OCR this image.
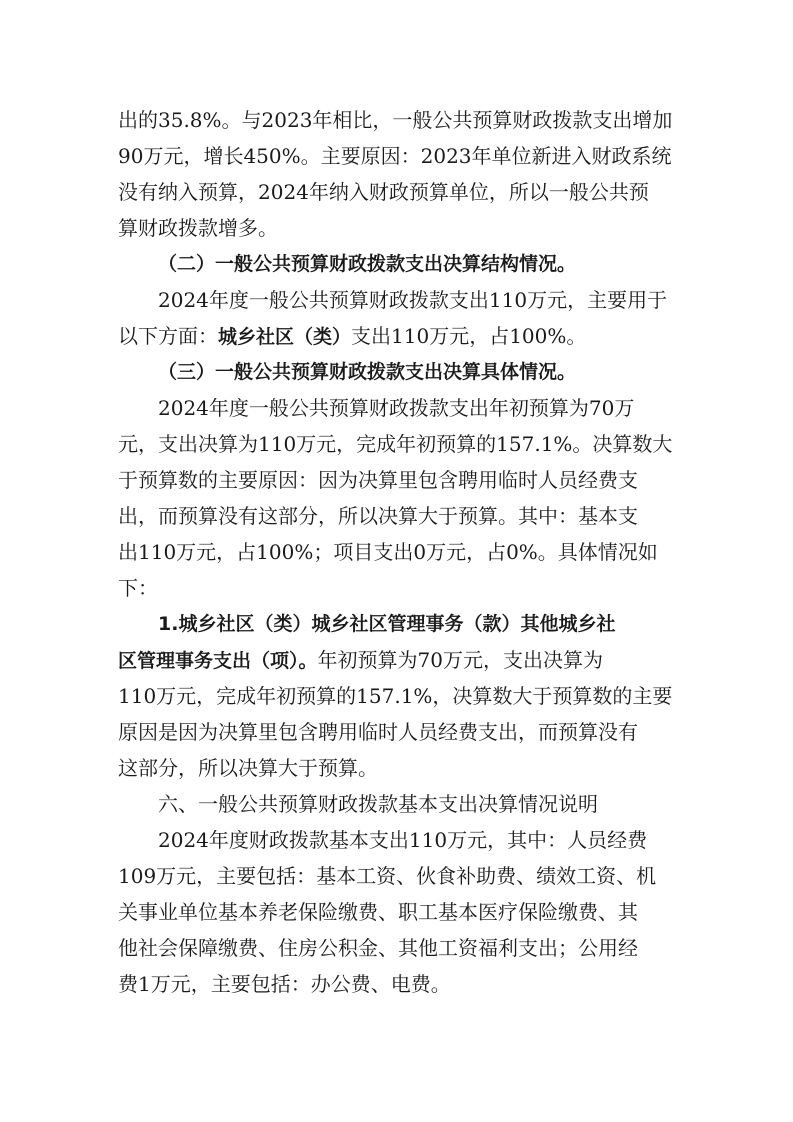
出的35.8%。与2023年相比，一般公共预算财政拨款支出增加
90万元，增长450%。主要原因：2023年单位新进入财政系统
没有纳入预算，2024年纳入财政预算单位，所以一般公共预
算财政拨款增多。
（二）一般公共预算财政拨款支出决算结构情况。
2024年度一般公共预算财政拨款支出110万元，主要用于
以下方面：城乡社区（类）支出110万元，占100%。
（三）一般公共预算财政拨款支出决算具体情况。
2024年度一般公共预算财政拨款支出年初预算为70万
元，支出决算为110万元，完成年初预算的157.1%。决算数大
于预算数的主要原因：因为决算里包含聘用临时人员经费支
出，而预算没有这部分，所以决算大于预算。其中：基本支
出110万元，占100%；项目支出0万元，占0%。具体情况如
下：
1.城乡社区（类）城乡社区管理事务（款）其他城乡社
区管理事务支出（项）。年初预算为70万元，支出决算为
110万元，完成年初预算的157.1%，决算数大于预算数的主要
原因是因为决算里包含聘用临时人员经费支出，而预算没有
这部分，所以决算大于预算。
六、一般公共预算财政拨款基本支出决算情况说明
2024年度财政拨款基本支出110万元，其中：人员经费
109万元，主要包括：基本工资、伙食补助费、绩效工资、机
关事业单位基本养老保险缴费、职工基本医疗保险缴费、其
他社会保障缴费、住房公积金、其他工资福利支出；公用经
费1万元，主要包括：办公费、电费。
